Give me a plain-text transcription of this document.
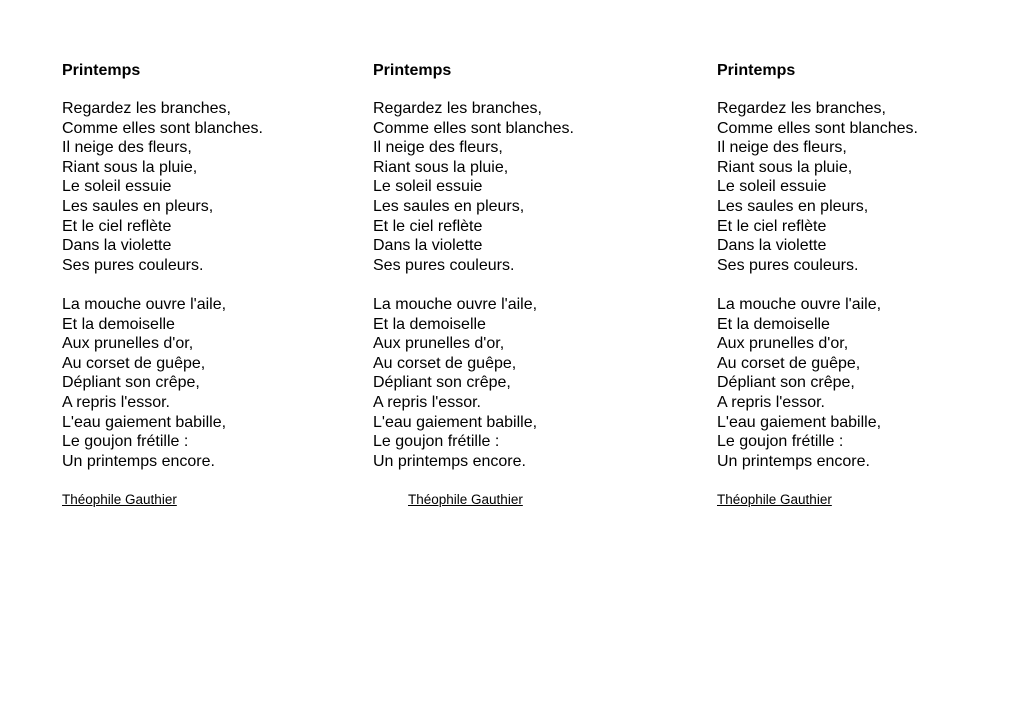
Printemps
Regardez les branches,
Comme elles sont blanches.
Il neige des fleurs,
Riant sous la pluie,
Le soleil essuie
Les saules en pleurs,
Et le ciel reflète
Dans la violette
Ses pures couleurs.
La mouche ouvre l'aile,
Et la demoiselle
Aux prunelles d'or,
Au corset de guêpe,
Dépliant son crêpe,
A repris l'essor.
L'eau gaiement babille,
Le goujon frétille :
Un printemps encore.
Théophile Gauthier
Printemps
Regardez les branches,
Comme elles sont blanches.
Il neige des fleurs,
Riant sous la pluie,
Le soleil essuie
Les saules en pleurs,
Et le ciel reflète
Dans la violette
Ses pures couleurs.
La mouche ouvre l'aile,
Et la demoiselle
Aux prunelles d'or,
Au corset de guêpe,
Dépliant son crêpe,
A repris l'essor.
L'eau gaiement babille,
Le goujon frétille :
Un printemps encore.
Théophile Gauthier
Printemps
Regardez les branches,
Comme elles sont blanches.
Il neige des fleurs,
Riant sous la pluie,
Le soleil essuie
Les saules en pleurs,
Et le ciel reflète
Dans la violette
Ses pures couleurs.
La mouche ouvre l'aile,
Et la demoiselle
Aux prunelles d'or,
Au corset de guêpe,
Dépliant son crêpe,
A repris l'essor.
L'eau gaiement babille,
Le goujon frétille :
Un printemps encore.
Théophile Gauthier
